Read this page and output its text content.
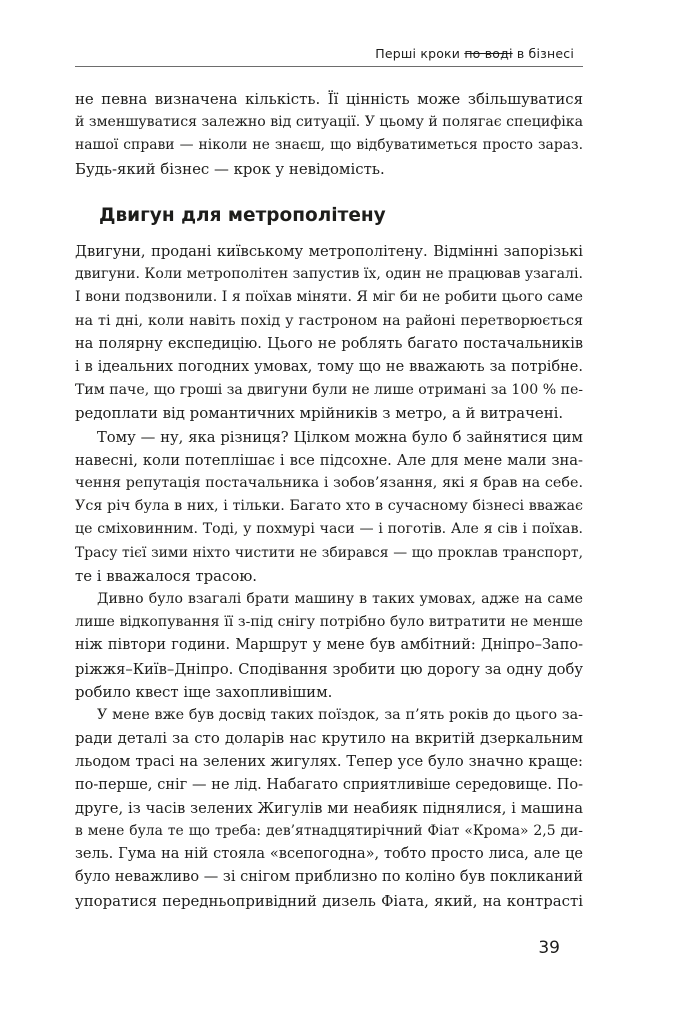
Перші кроки по воді в бізнесі
не певна визначена кількість. Її цінність може збільшуватися
й зменшуватися залежно від ситуації. У цьому й полягає специфіка
нашої справи — ніколи не знаєш, що відбуватиметься просто зараз.
Будь-який бізнес — крок у невідомість.
Двигун для метрополітену
Двигуни, продані київському метрополітену. Відмінні запорізькі
двигуни. Коли метрополітен запустив їх, один не працював узагалі.
І вони подзвонили. І я поїхав міняти. Я міг би не робити цього саме
на ті дні, коли навіть похід у гастроном на районі перетворюється
на полярну експедицію. Цього не роблять багато постачальників
і в ідеальних погодних умовах, тому що не вважають за потрібне.
Тим паче, що гроші за двигуни були не лише отримані за 100 % пе-
редоплати від романтичних мрійників з метро, а й витрачені.
Тому — ну, яка різниця? Цілком можна було б зайнятися цим
навесні, коли потеплішає і все підсохне. Але для мене мали зна-
чення репутація постачальника і зобов’язання, які я брав на себе.
Уся річ була в них, і тільки. Багато хто в сучасному бізнесі вважає
це сміховинним. Тоді, у похмурі часи — і поготів. Але я сів і поїхав.
Трасу тієї зими ніхто чистити не збирався — що проклав транспорт,
те і вважалося трасою.
Дивно було взагалі брати машину в таких умовах, адже на саме
лише відкопування її з-під снігу потрібно було витратити не менше
ніж півтори години. Маршрут у мене був амбітний: Дніпро–Запо-
ріжжя–Київ–Дніпро. Сподівання зробити цю дорогу за одну добу
робило квест іще захопливішим.
У мене вже був досвід таких поїздок, за п’ять років до цього за-
ради деталі за сто доларів нас крутило на вкритій дзеркальним
льодом трасі на зелених жигулях. Тепер усе було значно краще:
по-перше, сніг — не лід. Набагато сприятливіше середовище. По-
друге, із часів зелених Жигулів ми неабияк піднялися, і машина
в мене була те що треба: дев’ятнадцятирічний Фіат «Крома» 2,5 ди-
зель. Гума на ній стояла «всепогодна», тобто просто лиса, але це
було неважливо — зі снігом приблизно по коліно був покликаний
упоратися передньопривідний дизель Фіата, який, на контрасті
39
